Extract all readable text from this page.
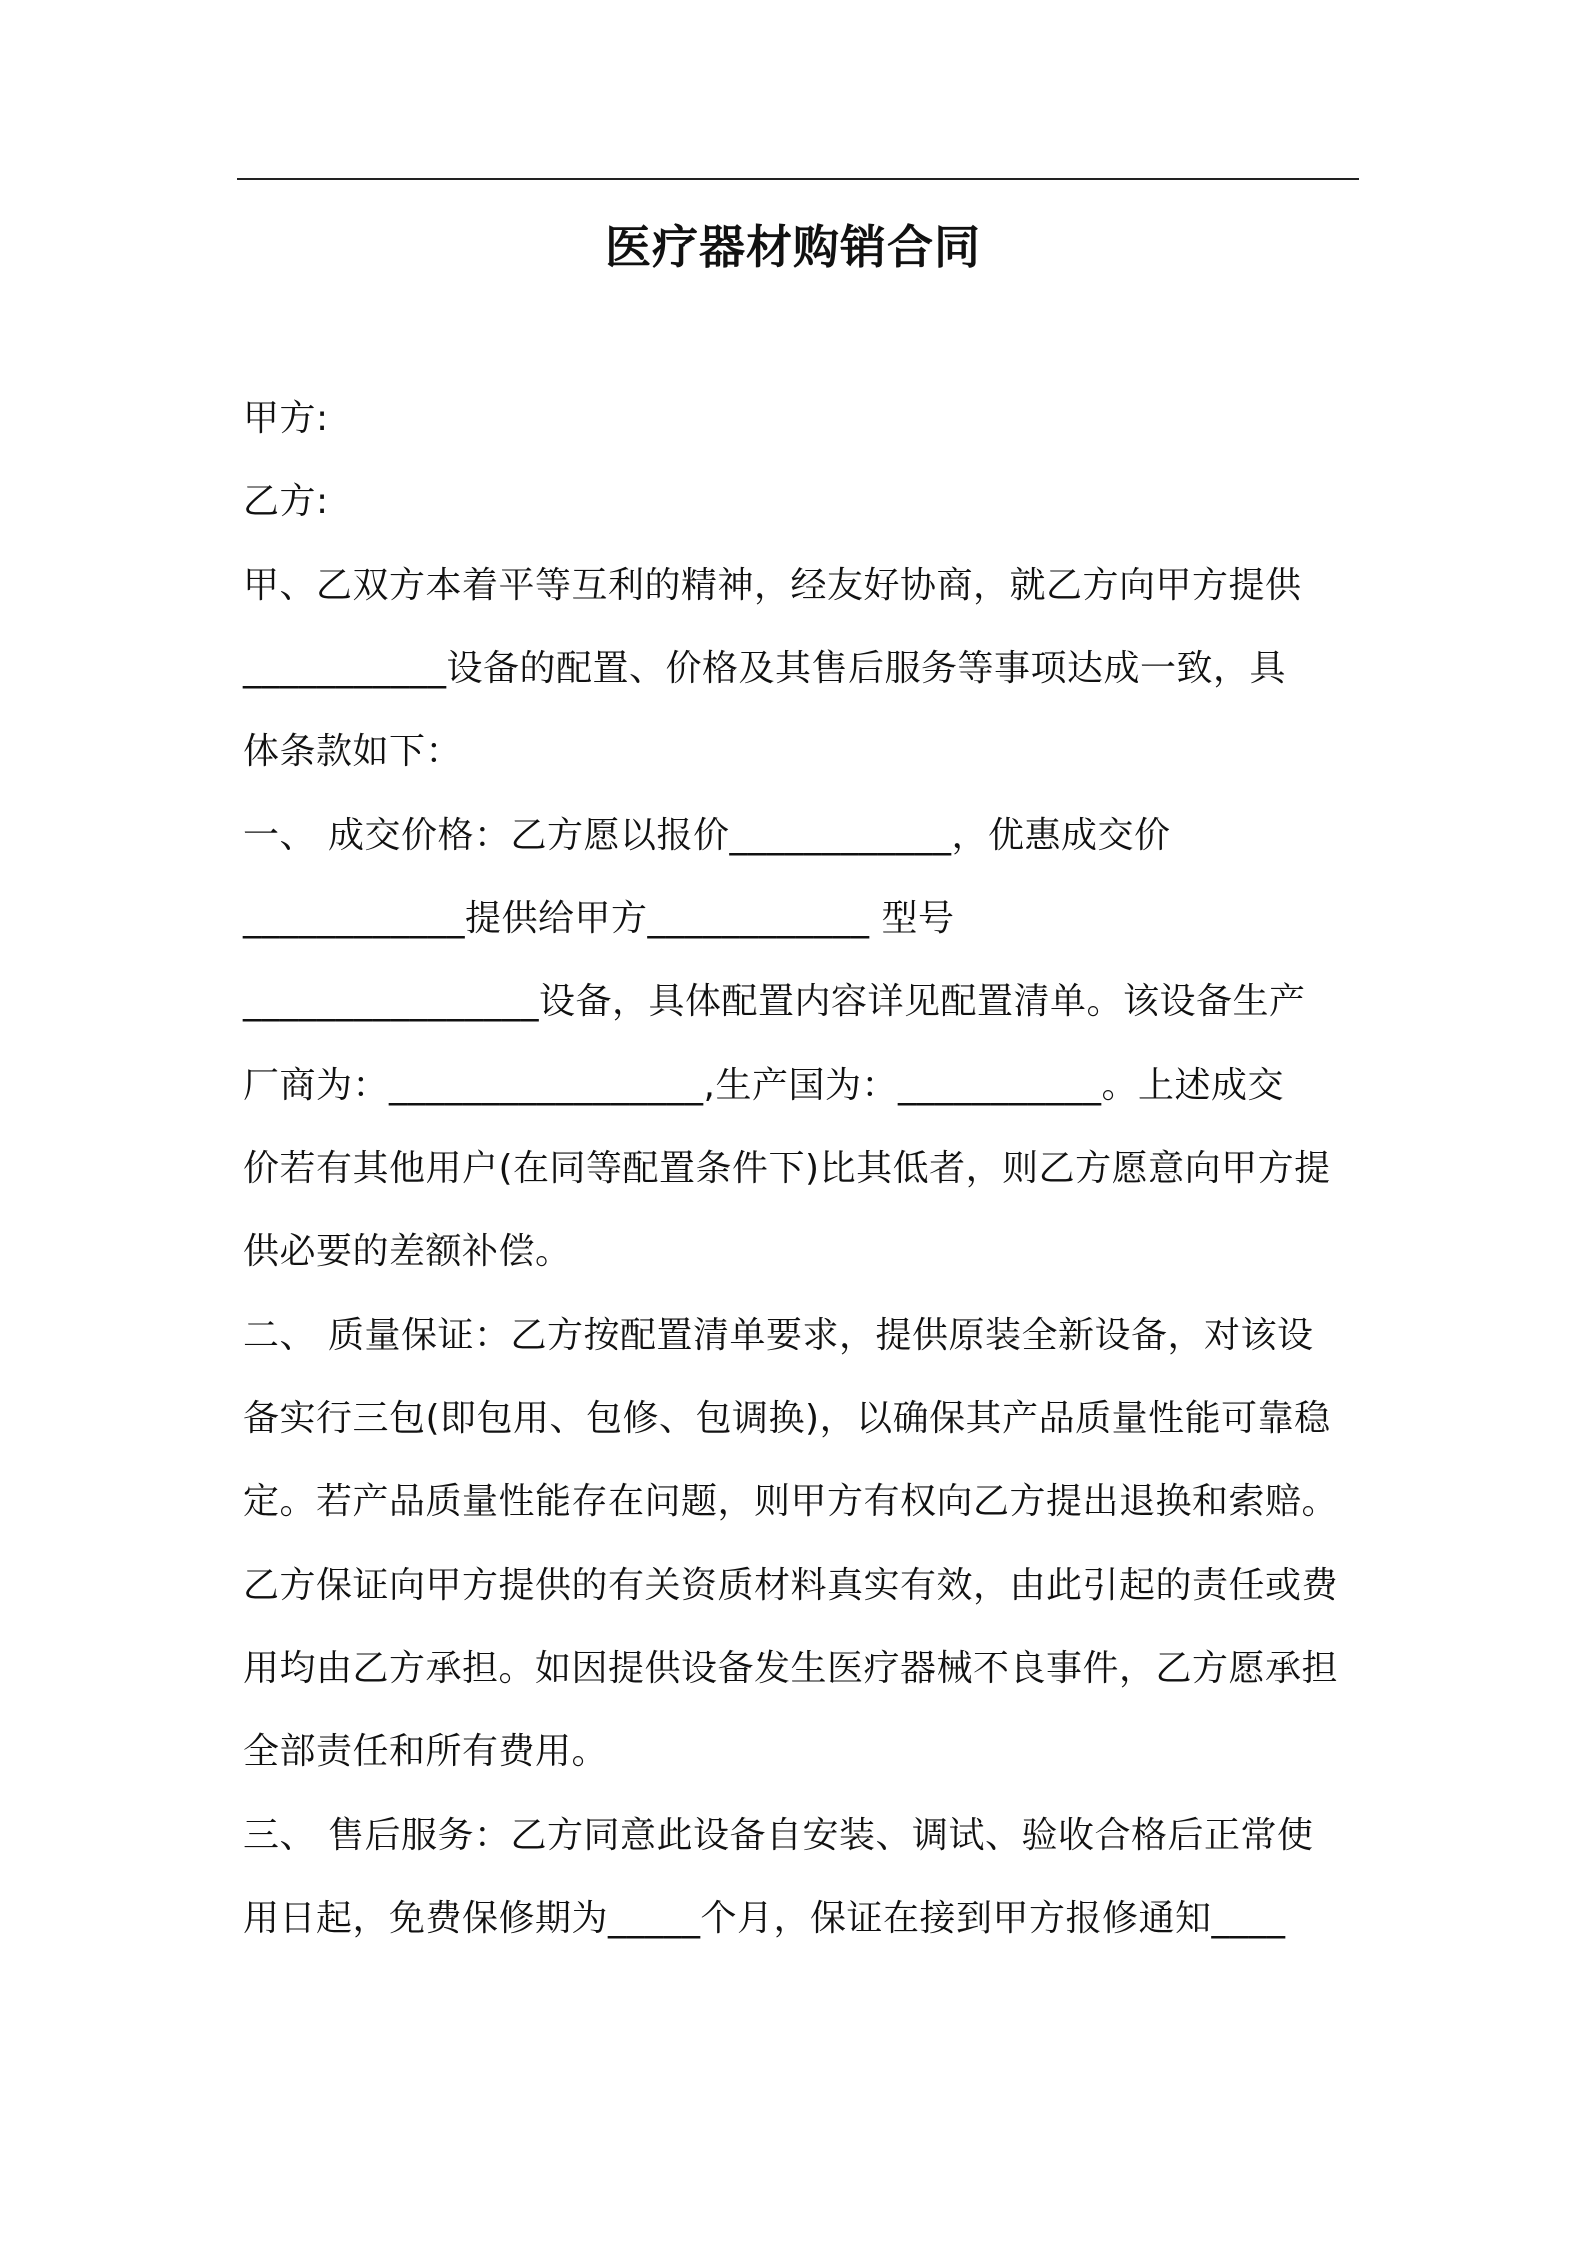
医疗器材购销合同
甲方:
乙方:
甲、乙双方本着平等互利的精神，经友好协商，就乙方向甲方提供
___________设备的配置、价格及其售后服务等事项达成一致，具
体条款如下：
一、 成交价格：乙方愿以报价____________，优惠成交价
____________提供给甲方____________ 型号
________________设备，具体配置内容详见配置清单。该设备生产
厂商为：_________________,生产国为：___________。上述成交
价若有其他用户(在同等配置条件下)比其低者，则乙方愿意向甲方提
供必要的差额补偿。
二、 质量保证：乙方按配置清单要求，提供原装全新设备，对该设
备实行三包(即包用、包修、包调换)，以确保其产品质量性能可靠稳
定。若产品质量性能存在问题，则甲方有权向乙方提出退换和索赔。
乙方保证向甲方提供的有关资质材料真实有效，由此引起的责任或费
用均由乙方承担。如因提供设备发生医疗器械不良事件，乙方愿承担
全部责任和所有费用。
三、 售后服务：乙方同意此设备自安装、调试、验收合格后正常使
用日起，免费保修期为_____个月，保证在接到甲方报修通知____
